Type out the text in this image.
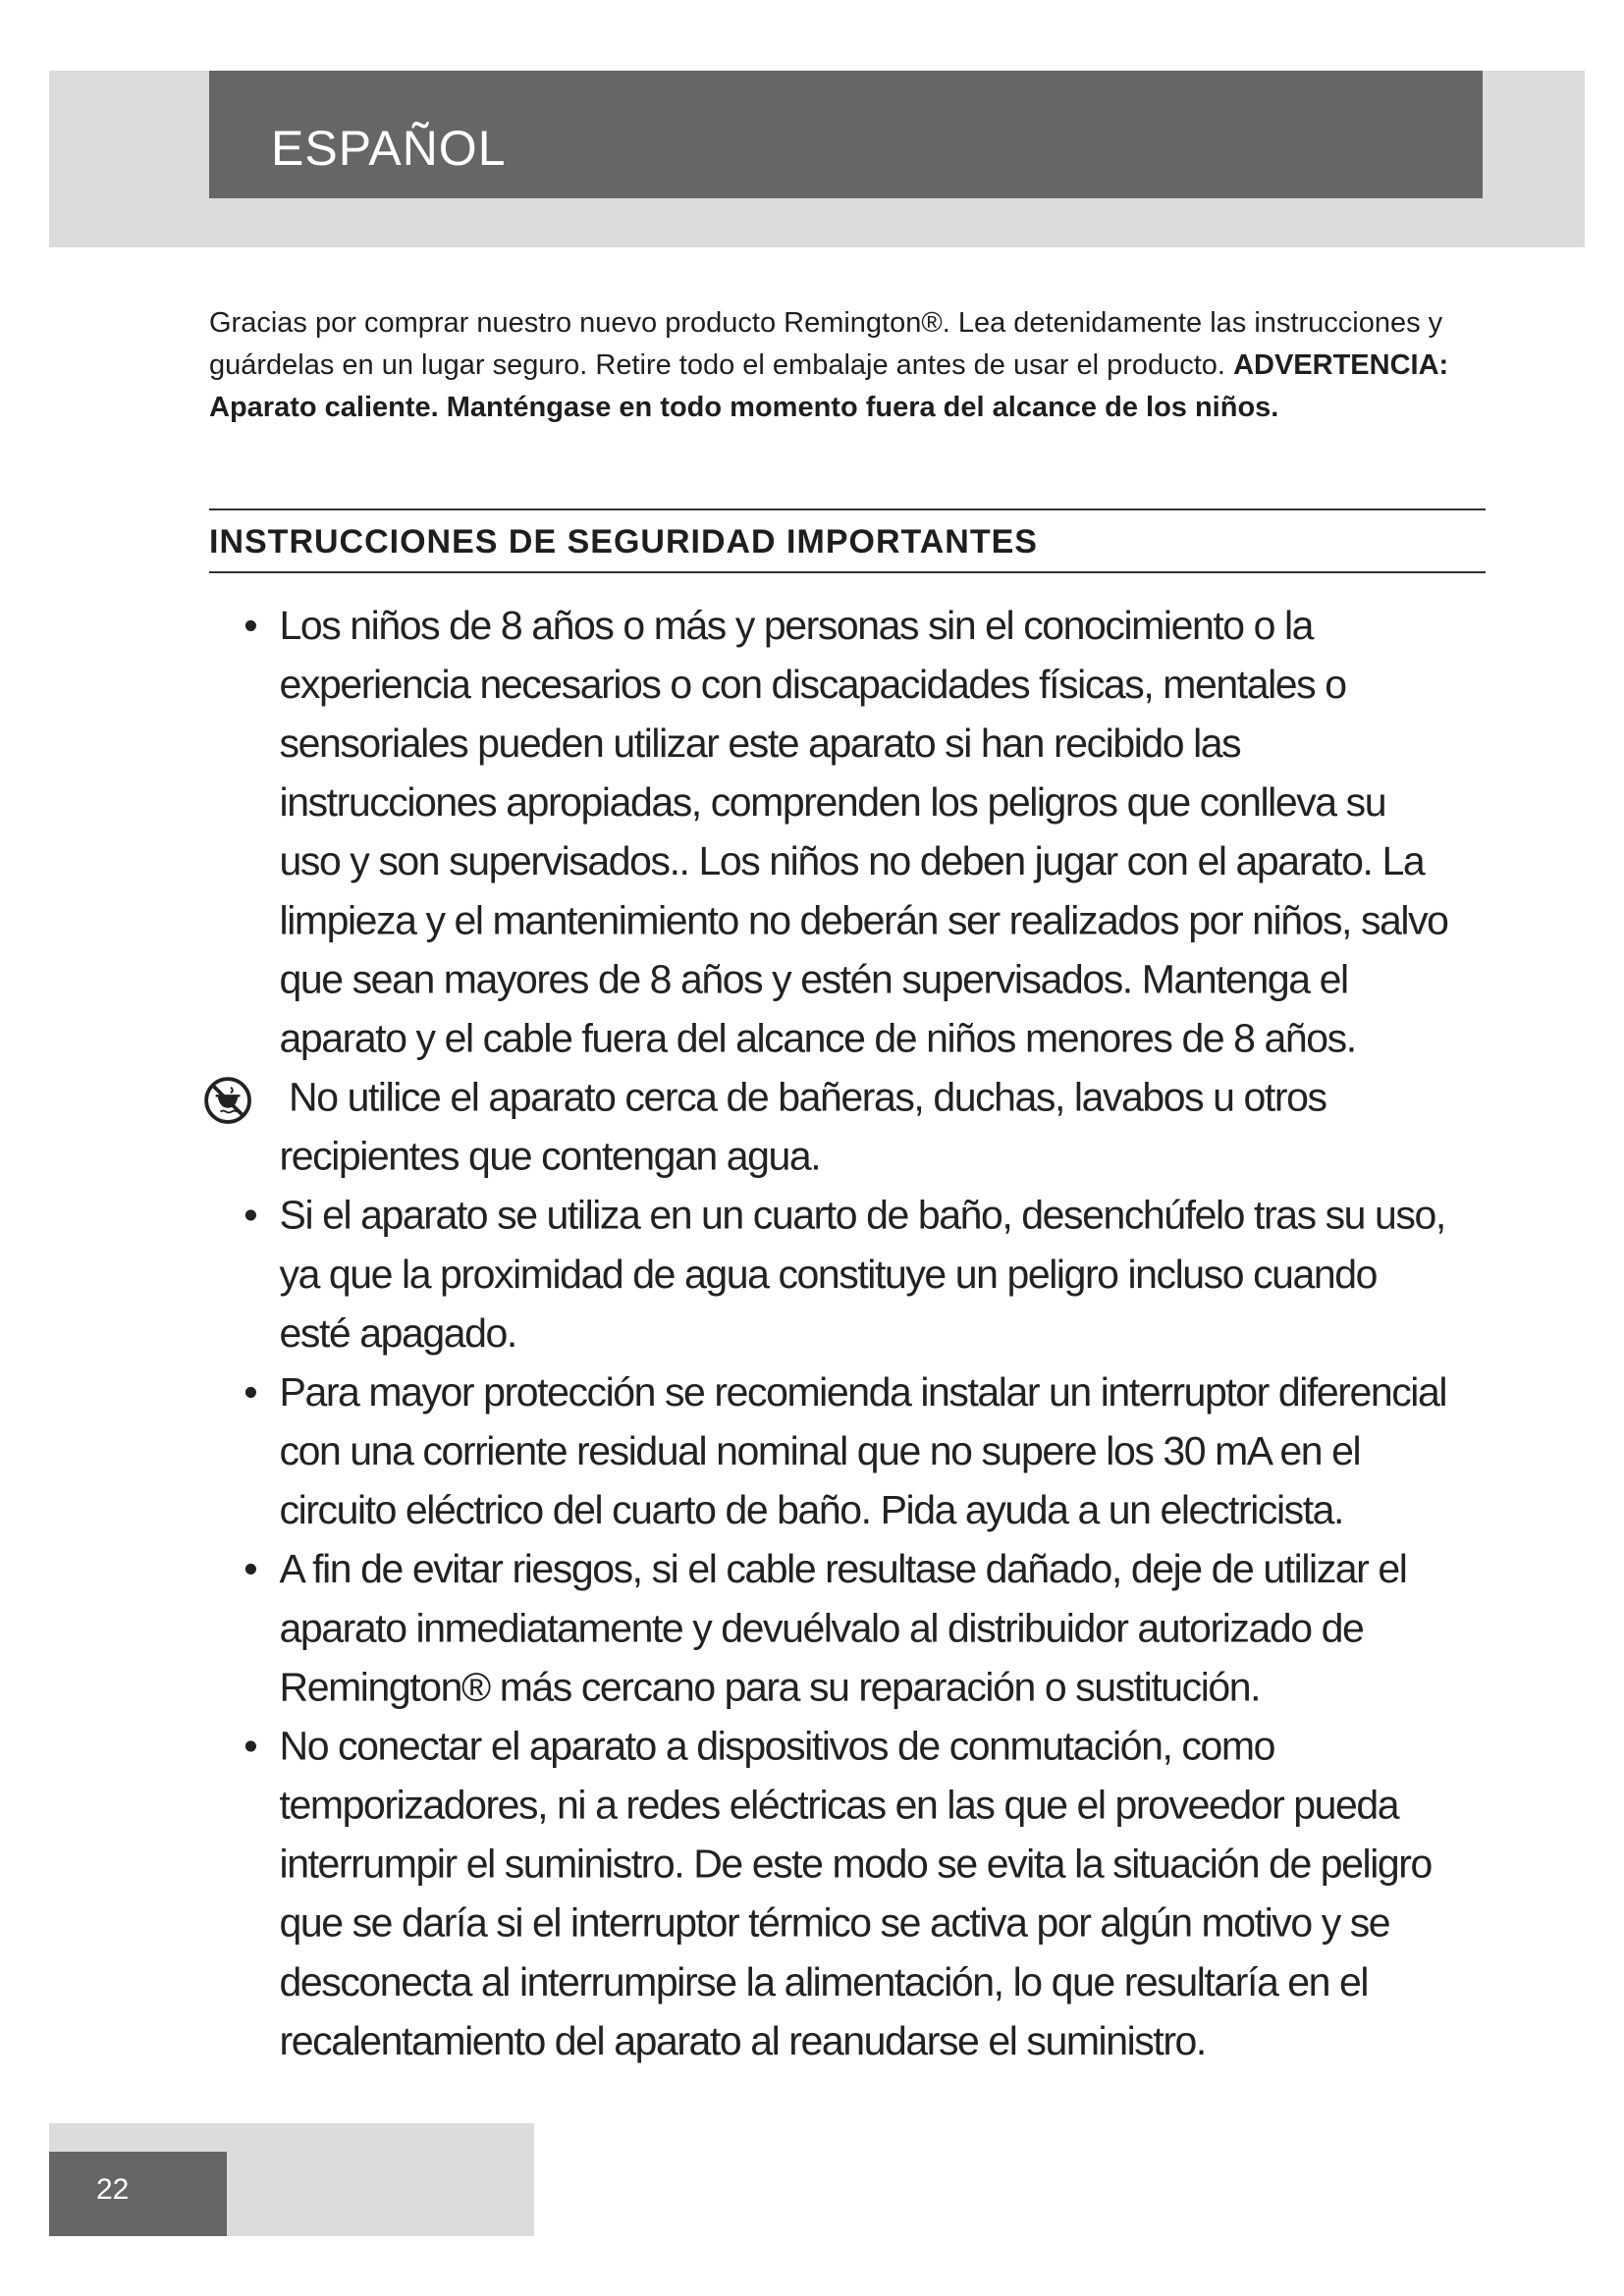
ESPAÑOL

Gracias por comprar nuestro nuevo producto Remington®. Lea detenidamente las instrucciones y guárdelas en un lugar seguro. Retire todo el embalaje antes de usar el producto. ADVERTENCIA: Aparato caliente. Manténgase en todo momento fuera del alcance de los niños.

INSTRUCCIONES DE SEGURIDAD IMPORTANTES
• Los niños de 8 años o más y personas sin el conocimiento o la experiencia necesarios o con discapacidades físicas, mentales o sensoriales pueden utilizar este aparato si han recibido las instrucciones apropiadas, comprenden los peligros que conlleva su uso y son supervisados.. Los niños no deben jugar con el aparato. La limpieza y el mantenimiento no deberán ser realizados por niños, salvo que sean mayores de 8 años y estén supervisados. Mantenga el aparato y el cable fuera del alcance de niños menores de 8 años.
No utilice el aparato cerca de bañeras, duchas, lavabos u otros recipientes que contengan agua.
• Si el aparato se utiliza en un cuarto de baño, desenchúfelo tras su uso, ya que la proximidad de agua constituye un peligro incluso cuando esté apagado.
• Para mayor protección se recomienda instalar un interruptor diferencial con una corriente residual nominal que no supere los 30 mA en el circuito eléctrico del cuarto de baño. Pida ayuda a un electricista.
• A fin de evitar riesgos, si el cable resultase dañado, deje de utilizar el aparato inmediatamente y devuélvalo al distribuidor autorizado de Remington® más cercano para su reparación o sustitución.
• No conectar el aparato a dispositivos de conmutación, como temporizadores, ni a redes eléctricas en las que el proveedor pueda interrumpir el suministro. De este modo se evita la situación de peligro que se daría si el interruptor térmico se activa por algún motivo y se desconecta al interrumpirse la alimentación, lo que resultaría en el recalentamiento del aparato al reanudarse el suministro.
22
